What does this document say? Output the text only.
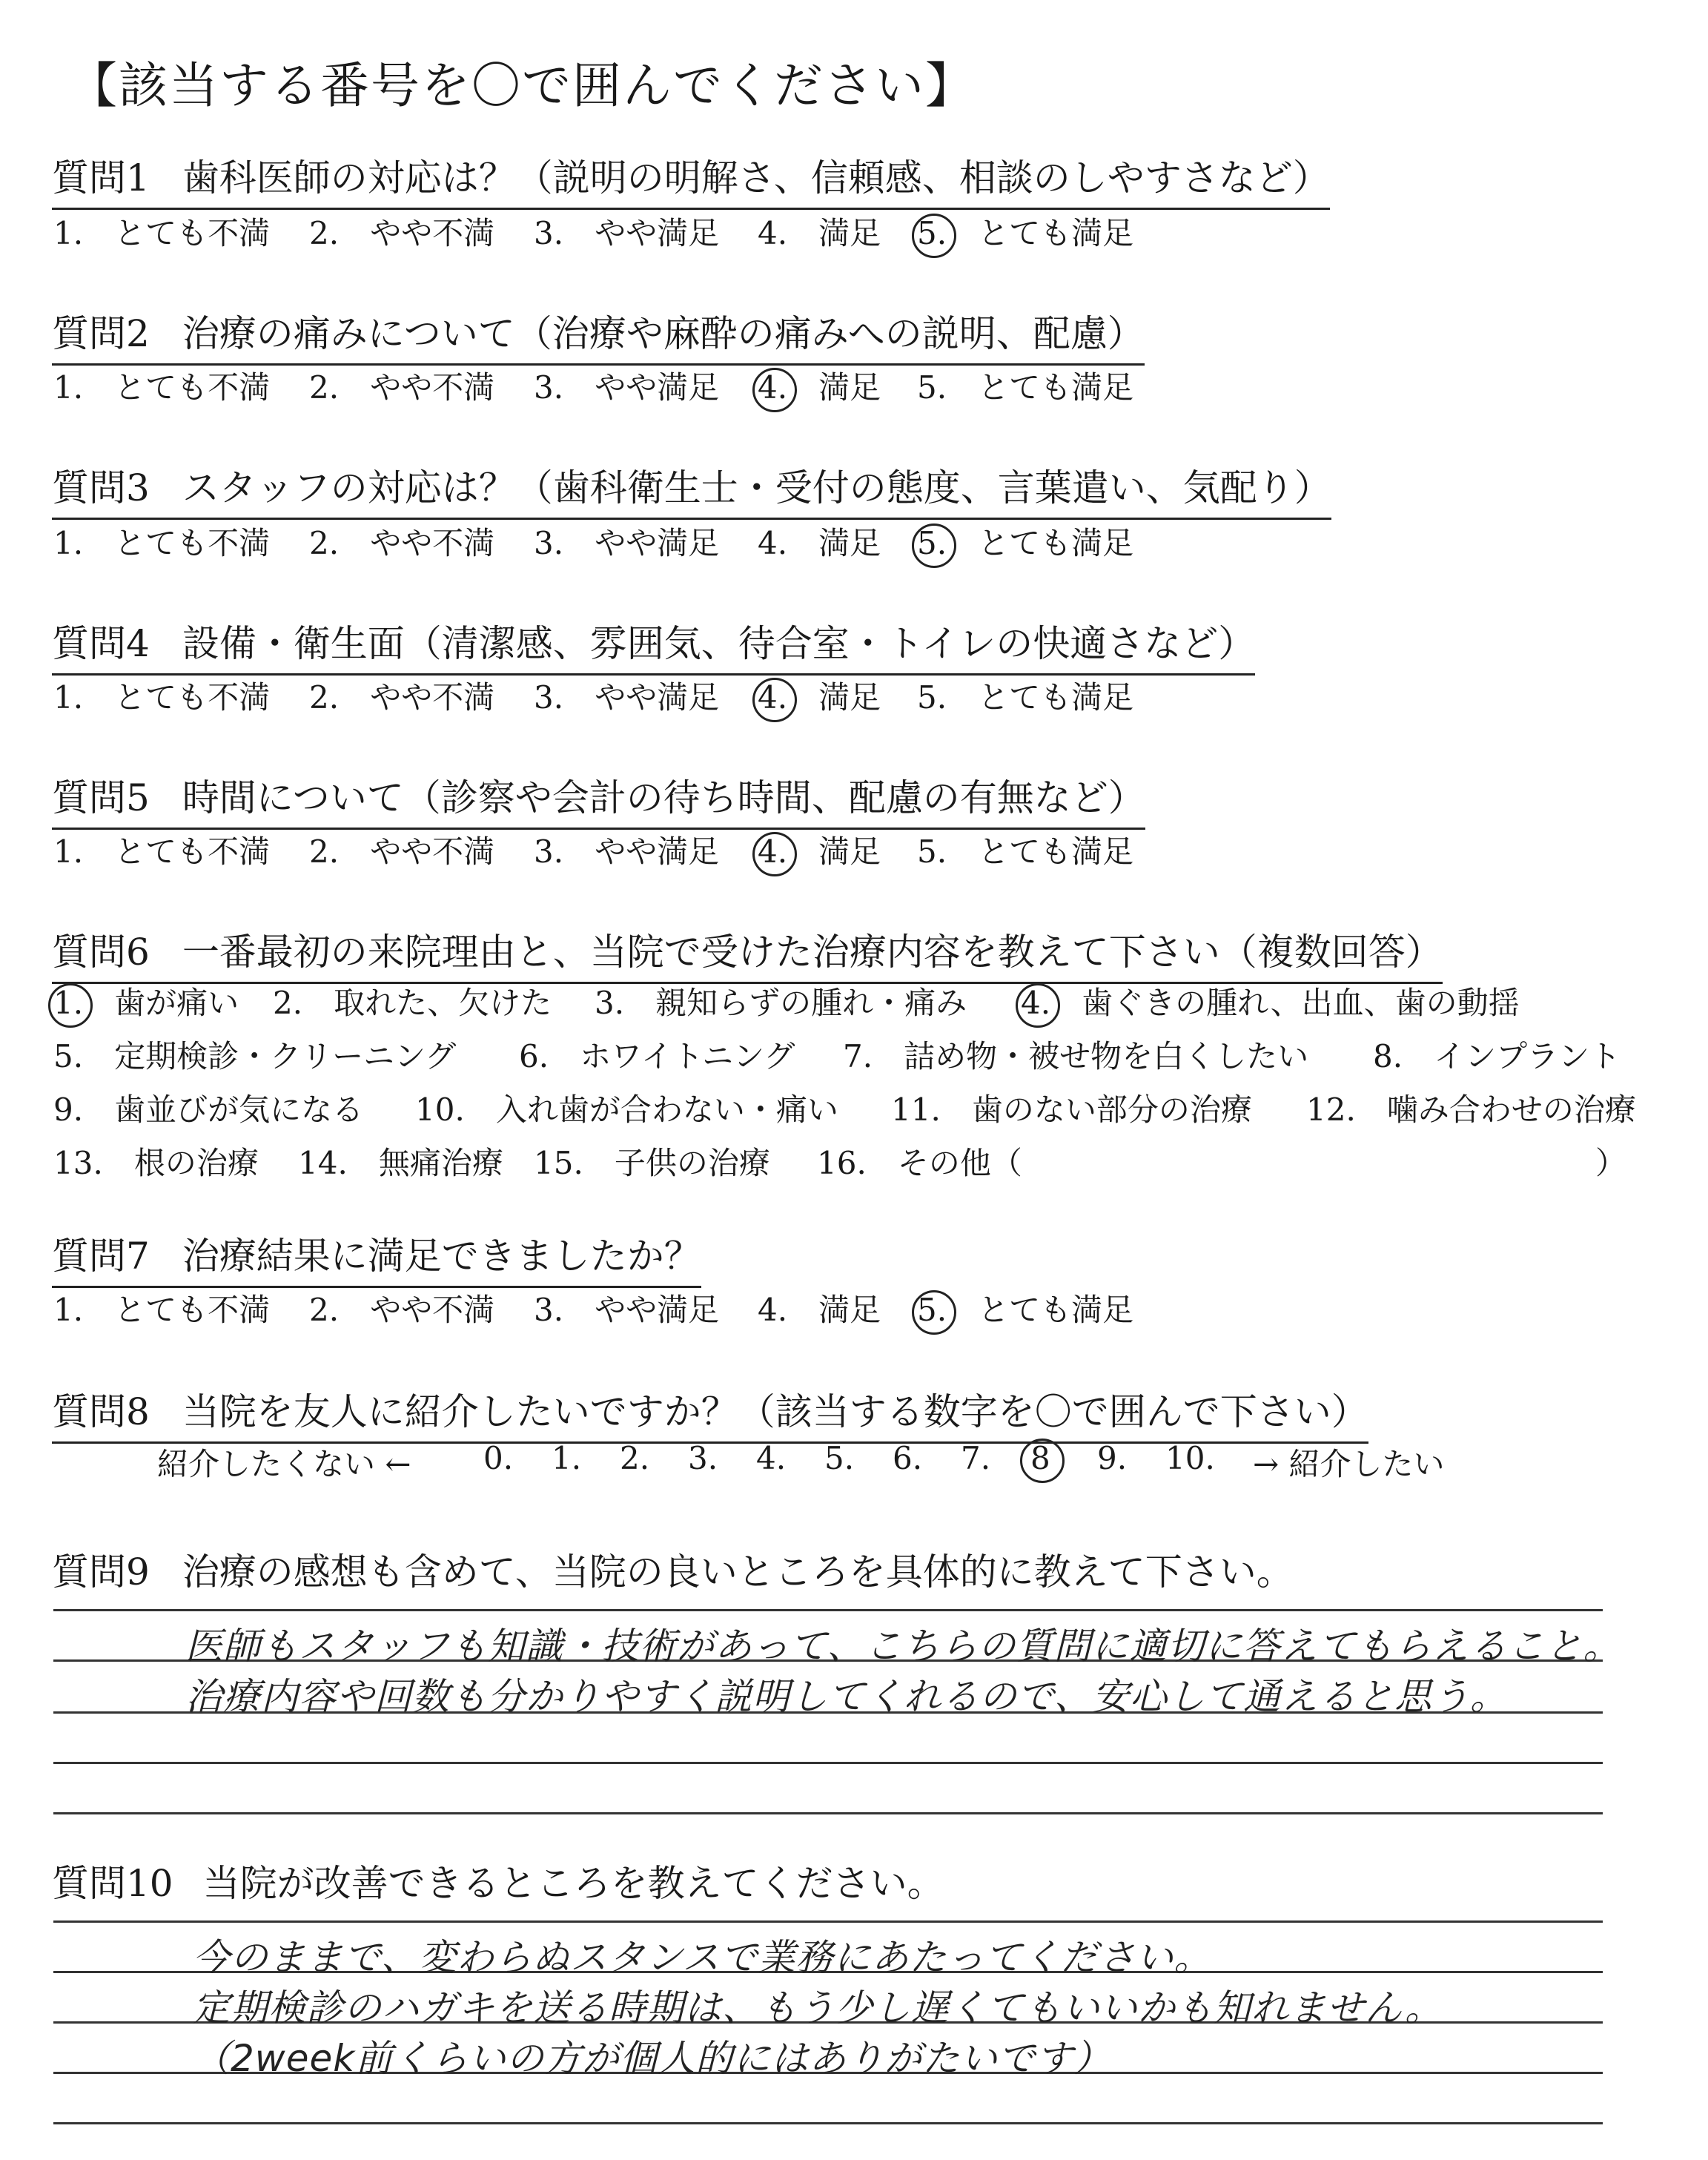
【該当する番号を〇で囲んでください】
質問1 歯科医師の対応は？（説明の明解さ、信頼感、相談のしやすさなど）
1.　 とても不満 2.　 やや不満 3.　 やや満足 4.　 満足 5.　 とても満足
質問2 治療の痛みについて（治療や麻酔の痛みへの説明、配慮）
1.　 とても不満 2.　 やや不満 3.　 やや満足 4.　 満足 5.　 とても満足
質問3 スタッフの対応は？（歯科衛生士・受付の態度、言葉遣い、気配り）
1.　 とても不満 2.　 やや不満 3.　 やや満足 4.　 満足 5.　 とても満足
質問4 設備・衛生面（清潔感、雰囲気、待合室・トイレの快適さなど）
1.　 とても不満 2.　 やや不満 3.　 やや満足 4.　 満足 5.　 とても満足
質問5 時間について（診察や会計の待ち時間、配慮の有無など）
1.　 とても不満 2.　 やや不満 3.　 やや満足 4.　 満足 5.　 とても満足
質問6 一番最初の来院理由と、当院で受けた治療内容を教えて下さい（複数回答）
1.　 歯が痛い 2.　 取れた、欠けた 3.　 親知らずの腫れ・痛み 4.　 歯ぐきの腫れ、出血、歯の動揺
5.　 定期検診・クリーニング 6.　 ホワイトニング 7.　 詰め物・被せ物を白くしたい 8.　 インプラント
9.　 歯並びが気になる 10.　 入れ歯が合わない・痛い 11.　 歯のない部分の治療 12.　 噛み合わせの治療
13.　 根の治療 14.　 無痛治療 15.　 子供の治療 16.　 その他（	）
質問7 治療結果に満足できましたか？
1.　 とても不満 2.　 やや不満 3.　 やや満足 4.　 満足 5.　 とても満足
質問8 当院を友人に紹介したいですか？（該当する数字を〇で囲んで下さい）
紹介したくない ← 0. 1. 2. 3. 4. 5. 6. 7. 8 9. 10. → 紹介したい
質問9 治療の感想も含めて、当院の良いところを具体的に教えて下さい。
医師もスタッフも知識・技術があって、こちらの質問に適切に答えてもらえること。
治療内容や回数も分かりやすく説明してくれるので、安心して通えると思う。
質問10 当院が改善できるところを教えてください。
今のままで、変わらぬスタンスで業務にあたってください。
定期検診のハガキを送る時期は、もう少し遅くてもいいかも知れません。
（2week前くらいの方が個人的にはありがたいです）
